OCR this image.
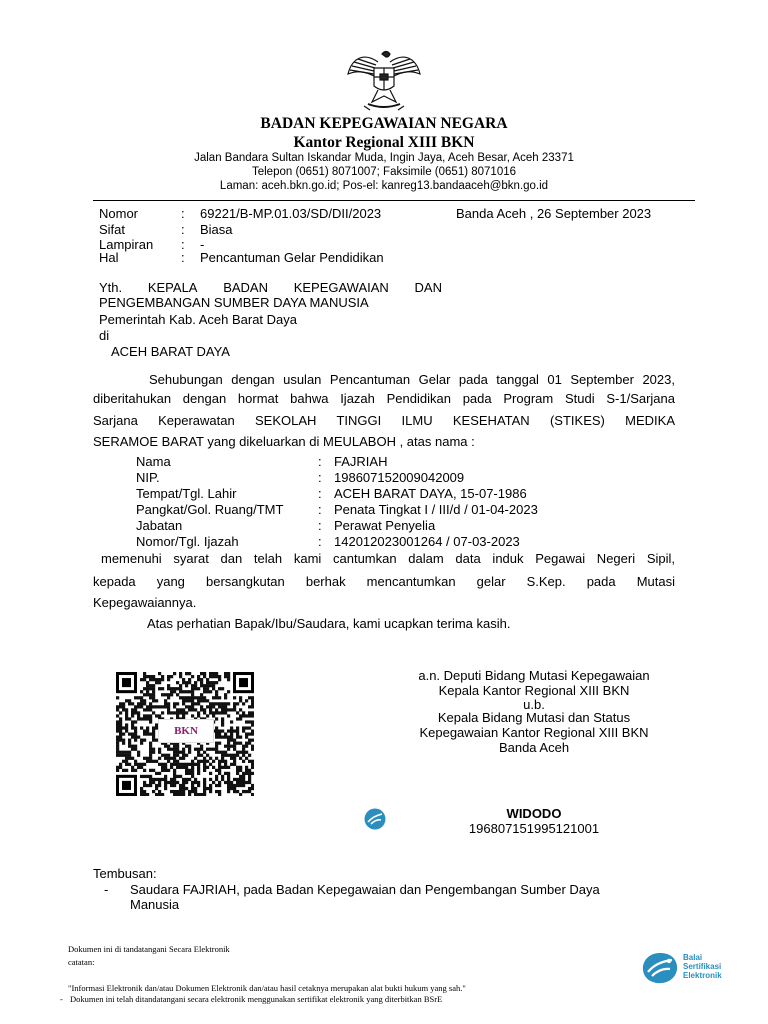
BADAN KEPEGAWAIAN NEGARA
Kantor Regional XIII BKN
Jalan Bandara Sultan Iskandar Muda, Ingin Jaya, Aceh Besar, Aceh 23371
Telepon (0651) 8071007; Faksimile (0651) 8071016
Laman: aceh.bkn.go.id; Pos-el: kanreg13.bandaaceh@bkn.go.id
Nomor	: 69221/B-MP.01.03/SD/DII/2023	Banda Aceh , 26 September 2023
Sifat	: Biasa
Lampiran : -
Hal	: Pencantuman Gelar Pendidikan
Yth. KEPALA BADAN KEPEGAWAIAN DAN
PENGEMBANGAN SUMBER DAYA MANUSIA
Pemerintah Kab. Aceh Barat Daya
di
ACEH BARAT DAYA
Sehubungan dengan usulan Pencantuman Gelar pada tanggal 01 September 2023,
diberitahukan dengan hormat bahwa Ijazah Pendidikan pada Program Studi S-1/Sarjana
Sarjana Keperawatan SEKOLAH TINGGI ILMU KESEHATAN (STIKES) MEDIKA
SERAMOE BARAT yang dikeluarkan di MEULABOH , atas nama :
Nama	: FAJRIAH
NIP.	: 198607152009042009
Tempat/Tgl. Lahir	: ACEH BARAT DAYA, 15-07-1986
Pangkat/Gol. Ruang/TMT	: Penata Tingkat I / III/d / 01-04-2023
Jabatan	: Perawat Penyelia
Nomor/Tgl. Ijazah	: 142012023001264 / 07-03-2023
memenuhi syarat dan telah kami cantumkan dalam data induk Pegawai Negeri Sipil,
kepada yang bersangkutan berhak mencantumkan gelar S.Kep. pada Mutasi
Kepegawaiannya.
Atas perhatian Bapak/Ibu/Saudara, kami ucapkan terima kasih.
BKN
a.n. Deputi Bidang Mutasi Kepegawaian
Kepala Kantor Regional XIII BKN
u.b.
Kepala Bidang Mutasi dan Status
Kepegawaian Kantor Regional XIII BKN
Banda Aceh
WIDODO
196807151995121001
Tembusan:
- Saudara FAJRIAH, pada Badan Kepegawaian dan Pengembangan Sumber Daya
Manusia
Dokumen ini di tandatangani Secara Elektronik
catatan:
"Informasi Elektronik dan/atau Dokumen Elektronik dan/atau hasil cetaknya merupakan alat bukti hukum yang sah."
- Dokumen ini telah ditandatangani secara elektronik menggunakan sertifikat elektronik yang diterbitkan BSrE
Balai
Sertifikasi
Elektronik
